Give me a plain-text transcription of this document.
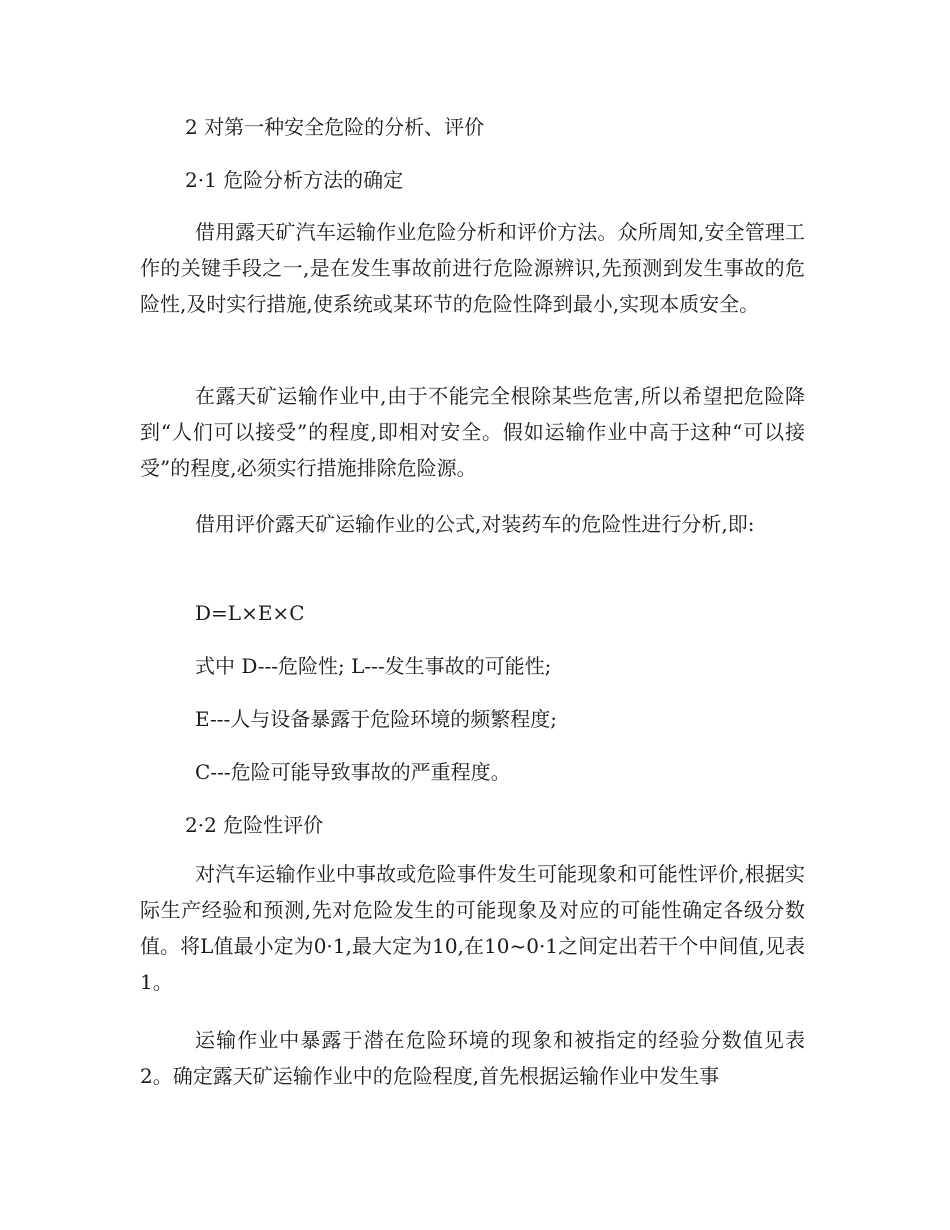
2 对第一种安全危险的分析、评价

2·1 危险分析方法的确定

借用露天矿汽车运输作业危险分析和评价方法。众所周知,安全管理工作的关键手段之一,是在发生事故前进行危险源辨识,先预测到发生事故的危险性,及时实行措施,使系统或某环节的危险性降到最小,实现本质安全。

在露天矿运输作业中,由于不能完全根除某些危害,所以希望把危险降到“人们可以接受”的程度,即相对安全。假如运输作业中高于这种“可以接受”的程度,必须实行措施排除危险源。

借用评价露天矿运输作业的公式,对装药车的危险性进行分析,即:

D=L×E×C

式中 D---危险性; L---发生事故的可能性;

E---人与设备暴露于危险环境的频繁程度;

C---危险可能导致事故的严重程度。

2·2 危险性评价

对汽车运输作业中事故或危险事件发生可能现象和可能性评价,根据实际生产经验和预测,先对危险发生的可能现象及对应的可能性确定各级分数值。将L值最小定为0·1,最大定为10,在10~0·1之间定出若干个中间值,见表1。

运输作业中暴露于潜在危险环境的现象和被指定的经验分数值见表2。确定露天矿运输作业中的危险程度,首先根据运输作业中发生事
